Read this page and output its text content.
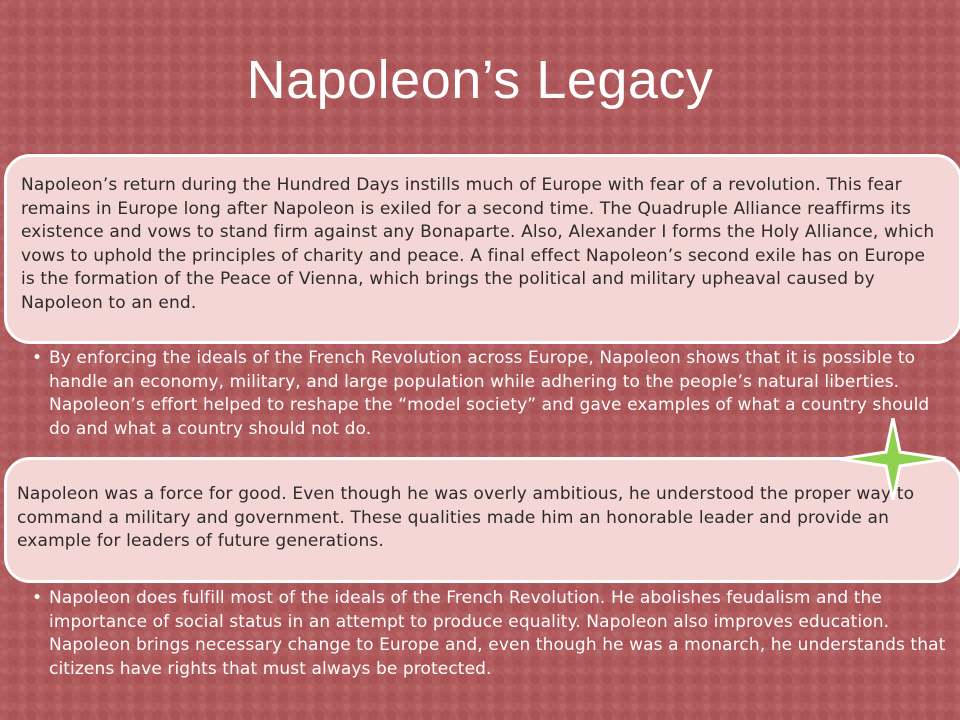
Napoleon’s Legacy
Napoleon’s return during the Hundred Days instills much of Europe with fear of a revolution. This fear remains in Europe long after Napoleon is exiled for a second time. The Quadruple Alliance reaffirms its existence and vows to stand firm against any Bonaparte. Also, Alexander I forms the Holy Alliance, which vows to uphold the principles of charity and peace. A final effect Napoleon’s second exile has on Europe is the formation of the Peace of Vienna, which brings the political and military upheaval caused by Napoleon to an end.
• By enforcing the ideals of the French Revolution across Europe, Napoleon shows that it is possible to handle an economy, military, and large population while adhering to the people’s natural liberties. Napoleon’s effort helped to reshape the “model society” and gave examples of what a country should do and what a country should not do.
Napoleon was a force for good. Even though he was overly ambitious, he understood the proper way to command a military and government. These qualities made him an honorable leader and provide an example for leaders of future generations.
• Napoleon does fulfill most of the ideals of the French Revolution. He abolishes feudalism and the importance of social status in an attempt to produce equality. Napoleon also improves education. Napoleon brings necessary change to Europe and, even though he was a monarch, he understands that citizens have rights that must always be protected.
